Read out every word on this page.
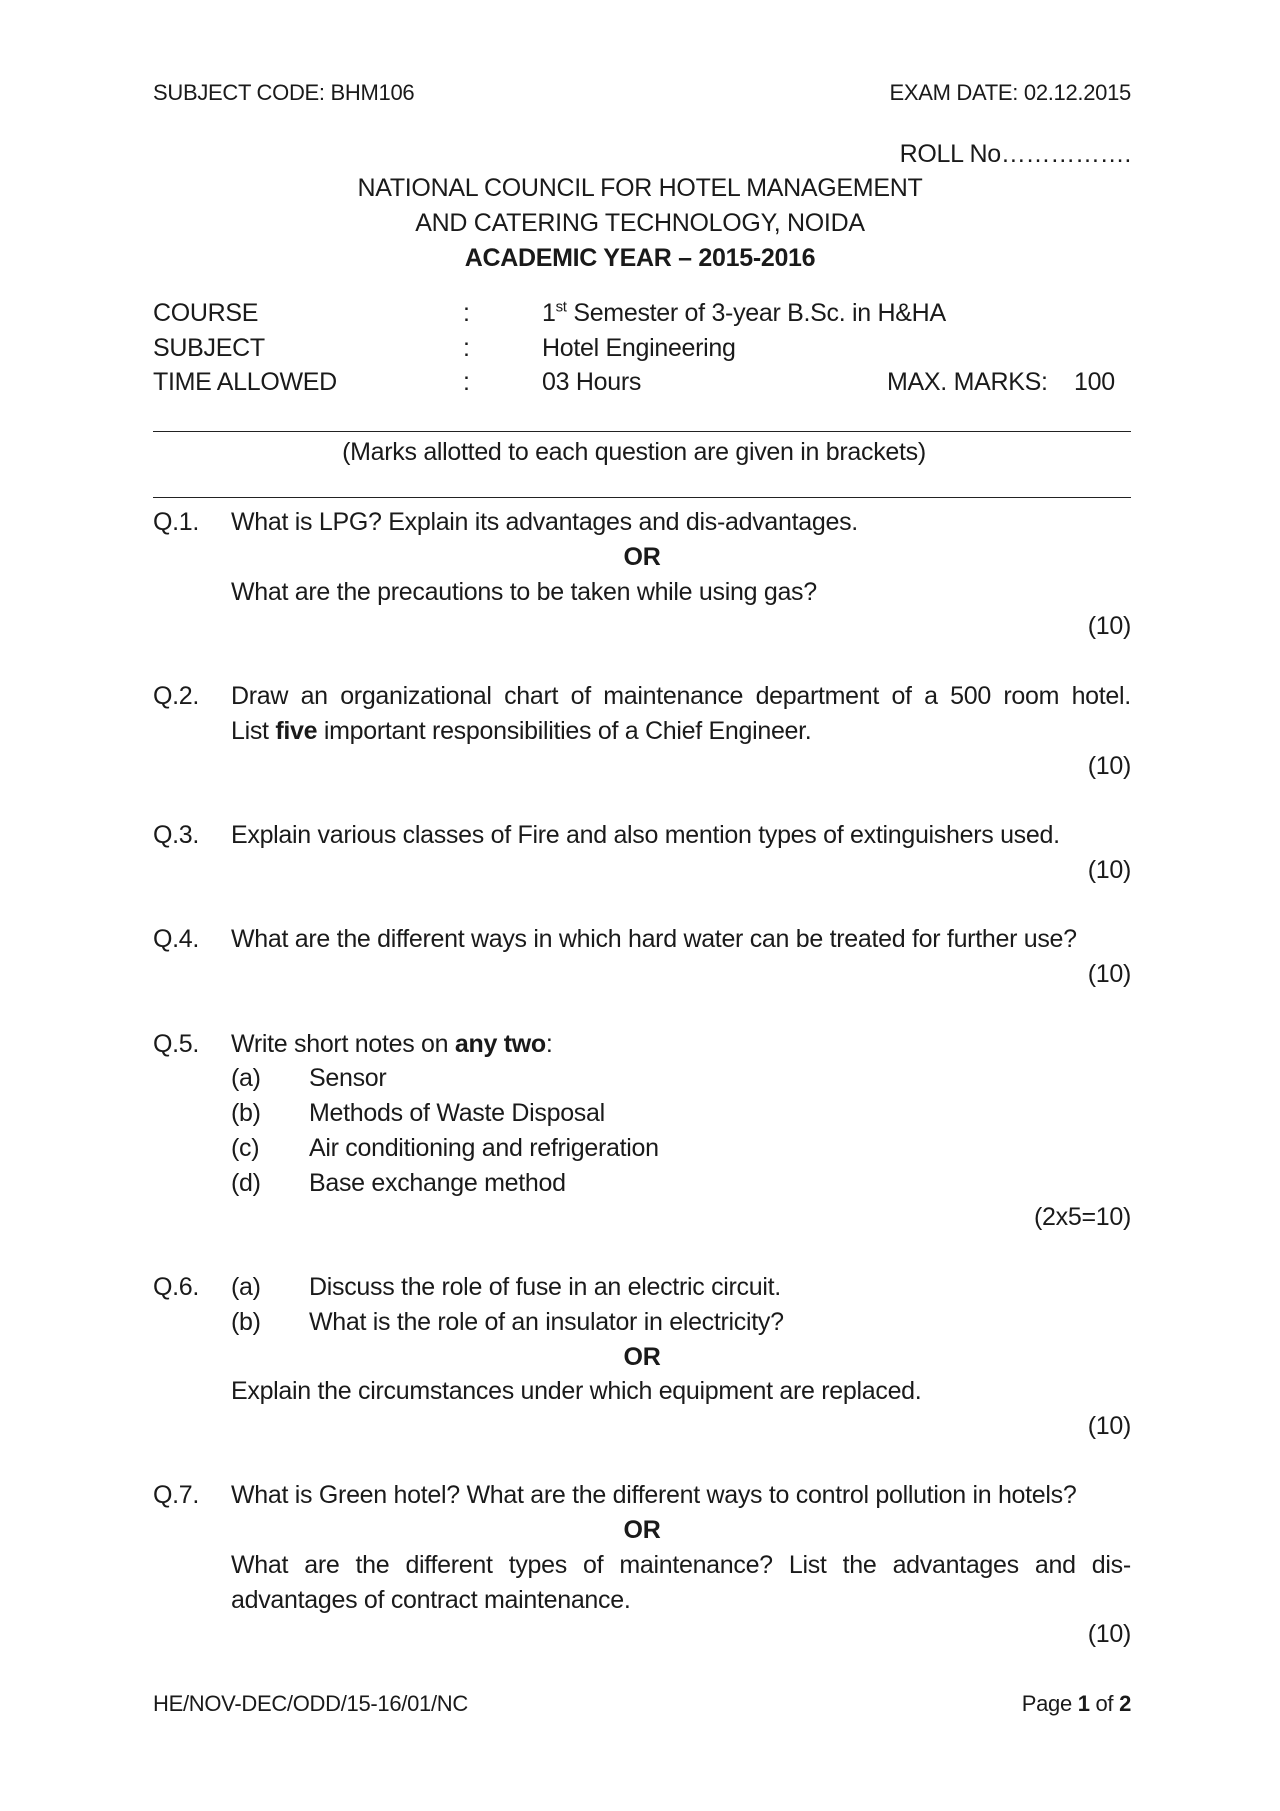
SUBJECT CODE: BHM106	EXAM DATE: 02.12.2015
ROLL No…………….
NATIONAL COUNCIL FOR HOTEL MANAGEMENT
AND CATERING TECHNOLOGY, NOIDA
ACADEMIC YEAR – 2015-2016
COURSE	:	1st Semester of 3-year B.Sc. in H&HA
SUBJECT	:	Hotel Engineering
TIME ALLOWED	:	03 Hours	MAX. MARKS: 100
(Marks allotted to each question are given in brackets)
Q.1. What is LPG? Explain its advantages and dis-advantages.
OR
What are the precautions to be taken while using gas?
(10)
Q.2. Draw an organizational chart of maintenance department of a 500 room hotel.
List five important responsibilities of a Chief Engineer.
(10)
Q.3. Explain various classes of Fire and also mention types of extinguishers used.
(10)
Q.4. What are the different ways in which hard water can be treated for further use?
(10)
Q.5. Write short notes on any two:
(a) Sensor
(b) Methods of Waste Disposal
(c) Air conditioning and refrigeration
(d) Base exchange method
(2x5=10)
Q.6. (a) Discuss the role of fuse in an electric circuit.
(b) What is the role of an insulator in electricity?
OR
Explain the circumstances under which equipment are replaced.
(10)
Q.7. What is Green hotel? What are the different ways to control pollution in hotels?
OR
What are the different types of maintenance? List the advantages and dis-
advantages of contract maintenance.
(10)
HE/NOV-DEC/ODD/15-16/01/NC	Page 1 of 2
